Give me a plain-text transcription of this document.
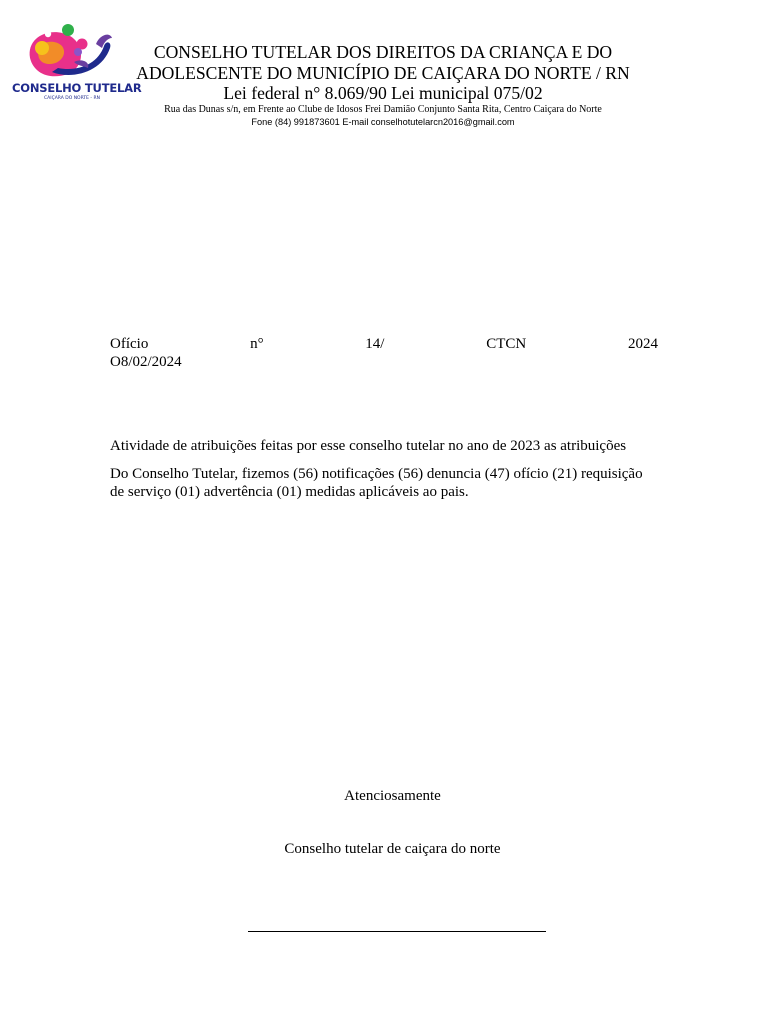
CONSELHO TUTELAR
CAIÇARA DO NORTE - RN
CONSELHO TUTELAR DOS DIREITOS DA CRIANÇA E DO
ADOLESCENTE DO MUNICÍPIO DE CAIÇARA DO NORTE / RN
Lei federal n° 8.069/90 Lei municipal 075/02
Rua das Dunas s/n, em Frente ao Clube de Idosos Frei Damião Conjunto Santa Rita, Centro Caiçara do Norte
Fone (84) 991873601 E-mail conselhotutelarcn2016@gmail.com
Ofício	n°	14/	CTCN	2024
O8/02/2024
Atividade de atribuições feitas por esse conselho tutelar no ano de 2023 as atribuições
Do Conselho Tutelar, fizemos (56) notificações (56) denuncia (47) ofício (21) requisição de serviço (01) advertência (01) medidas aplicáveis ao pais.
Atenciosamente
Conselho tutelar de caiçara do norte
